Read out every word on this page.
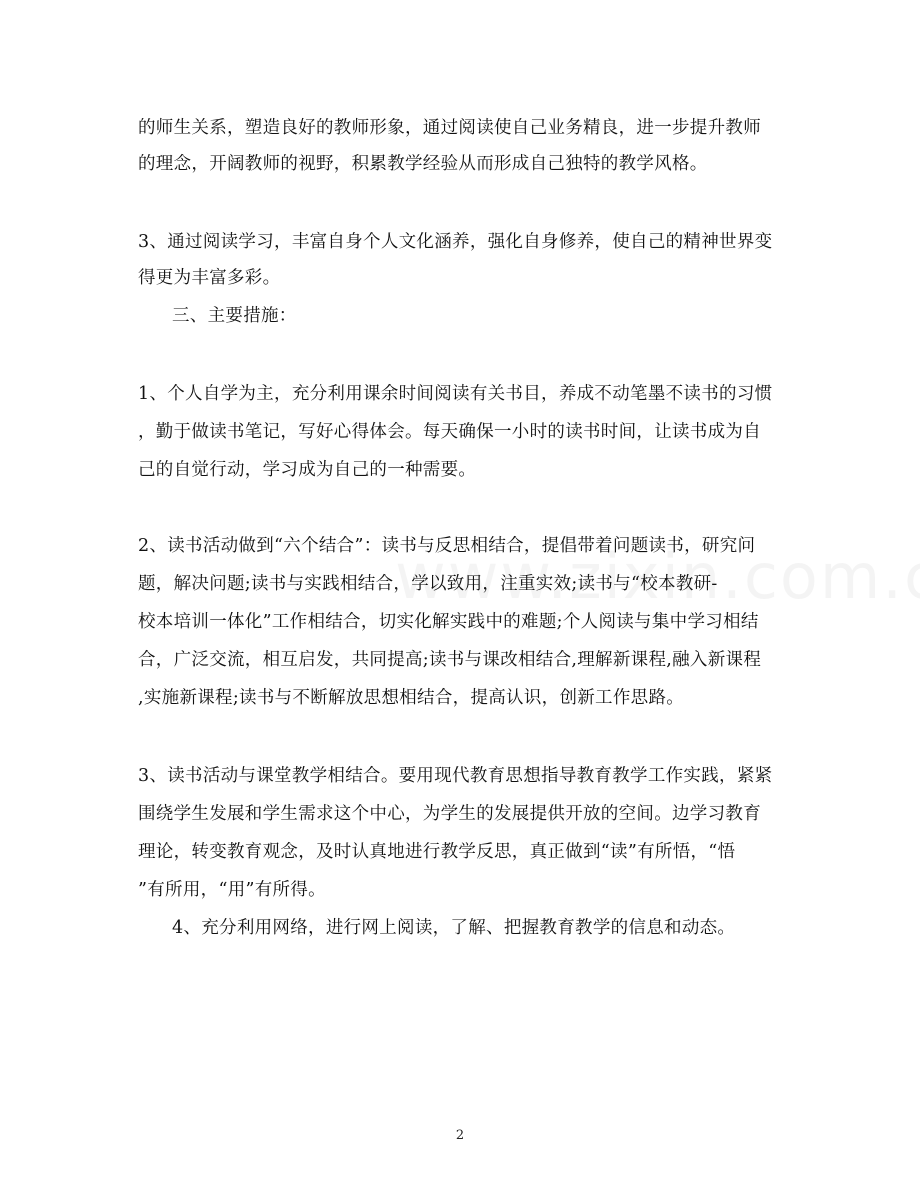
的师生关系，塑造良好的教师形象，通过阅读使自己业务精良，进一步提升教师
的理念，开阔教师的视野，积累教学经验从而形成自己独特的教学风格。
3、通过阅读学习，丰富自身个人文化涵养，强化自身修养，使自己的精神世界变
得更为丰富多彩。
三、主要措施：
1、个人自学为主，充分利用课余时间阅读有关书目，养成不动笔墨不读书的习惯
，勤于做读书笔记，写好心得体会。每天确保一小时的读书时间，让读书成为自
己的自觉行动，学习成为自己的一种需要。
2、读书活动做到“六个结合”：读书与反思相结合，提倡带着问题读书，研究问
题，解决问题;读书与实践相结合，学以致用，注重实效;读书与“校本教研-
校本培训一体化”工作相结合，切实化解实践中的难题;个人阅读与集中学习相结
合，广泛交流，相互启发，共同提高;读书与课改相结合,理解新课程,融入新课程
,实施新课程;读书与不断解放思想相结合，提高认识，创新工作思路。
3、读书活动与课堂教学相结合。要用现代教育思想指导教育教学工作实践，紧紧
围绕学生发展和学生需求这个中心，为学生的发展提供开放的空间。边学习教育
理论，转变教育观念，及时认真地进行教学反思，真正做到“读”有所悟，“悟
”有所用，“用”有所得。
4、充分利用网络，进行网上阅读，了解、把握教育教学的信息和动态。
2
